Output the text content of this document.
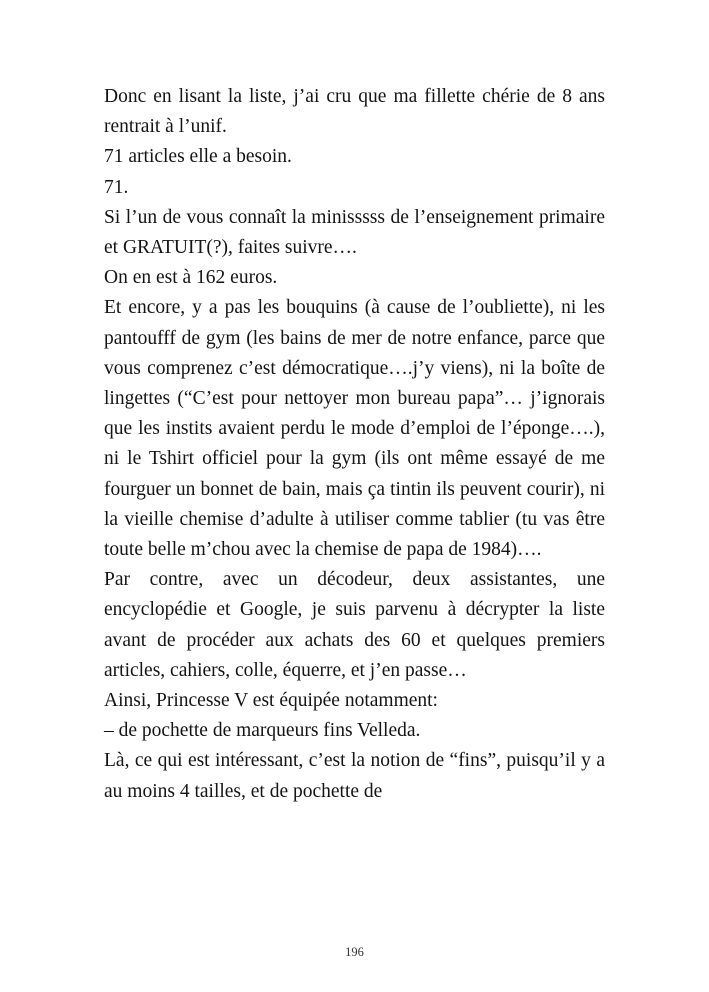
Donc en lisant la liste, j’ai cru que ma fillette chérie de 8 ans rentrait à l’unif.

71 articles elle a besoin.

71.

Si l’un de vous connaît la minisssss de l’enseignement primaire et GRATUIT(?), faites suivre….

On en est à 162 euros.

Et encore, y a pas les bouquins (à cause de l’oubliette), ni les pantoufff de gym (les bains de mer de notre enfance, parce que vous comprenez c’est démocratique….j’y viens), ni la boîte de lingettes (“C’est pour nettoyer mon bureau papa”… j’ignorais que les instits avaient perdu le mode d’emploi de l’éponge….), ni le Tshirt officiel pour la gym (ils ont même essayé de me fourguer un bonnet de bain, mais ça tintin ils peuvent courir), ni la vieille chemise d’adulte à utiliser comme tablier (tu vas être toute belle m’chou avec la chemise de papa de 1984)….

Par contre, avec un décodeur, deux assistantes, une encyclopédie et Google, je suis parvenu à décrypter la liste avant de procéder aux achats des 60 et quelques premiers articles, cahiers, colle, équerre, et j’en passe…

Ainsi, Princesse V est équipée notamment:

– de pochette de marqueurs fins Velleda.

Là, ce qui est intéressant, c’est la notion de “fins”, puisqu’il y a au moins 4 tailles, et de pochette de

196
